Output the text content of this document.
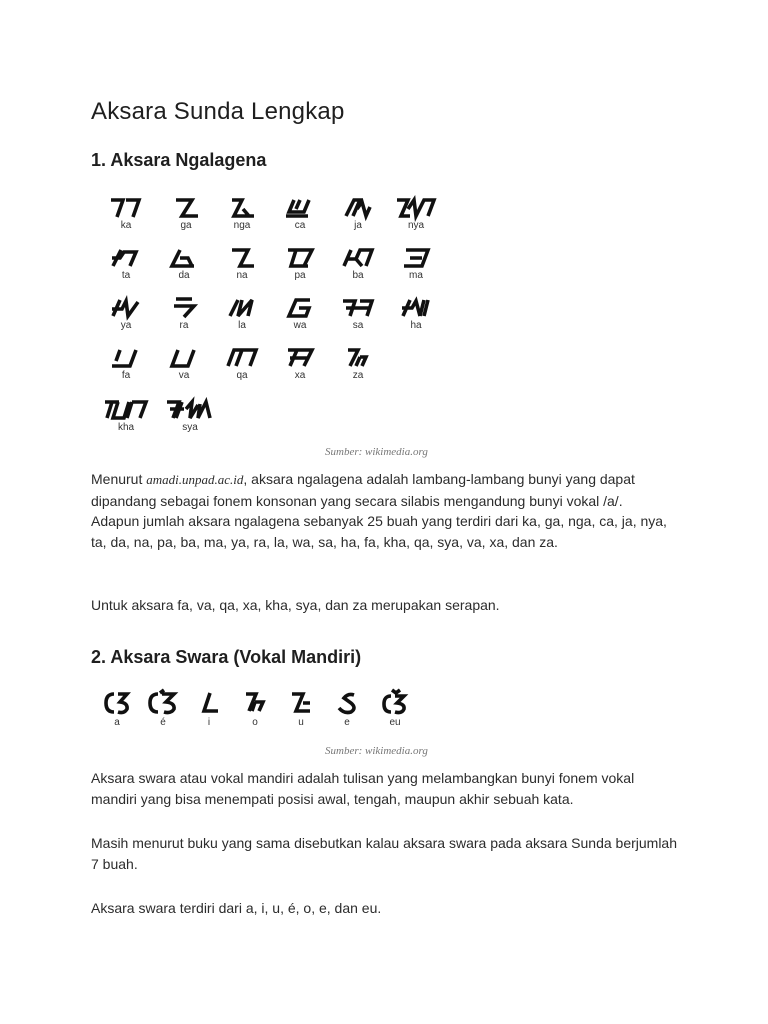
Aksara Sunda Lengkap
1. Aksara Ngalagena

Menurut amadi.unpad.ac.id, aksara ngalagena adalah lambang-lambang bunyi yang dapat dipandang sebagai fonem konsonan yang secara silabis mengandung bunyi vokal /a/.
Adapun jumlah aksara ngalagena sebanyak 25 buah yang terdiri dari ka, ga, nga, ca, ja, nya, ta, da, na, pa, ba, ma, ya, ra, la, wa, sa, ha, fa, kha, qa, sya, va, xa, dan za.

Untuk aksara fa, va, qa, xa, kha, sya, dan za merupakan serapan.

2. Aksara Swara (Vokal Mandiri)

Aksara swara atau vokal mandiri adalah tulisan yang melambangkan bunyi fonem vokal mandiri yang bisa menempati posisi awal, tengah, maupun akhir sebuah kata.

Masih menurut buku yang sama disebutkan kalau aksara swara pada aksara Sunda berjumlah 7 buah.

Aksara swara terdiri dari a, i, u, é, o, e, dan eu.

Sumber: wikimedia.org
Sumber: wikimedia.org
ka	ga	nga	ca	ja	nya
ta	da	na	pa	ba	ma
ya	ra	la	wa	sa	ha
fa	va	qa	xa	za
kha	sya
a	é	i	o	u	e	eu
